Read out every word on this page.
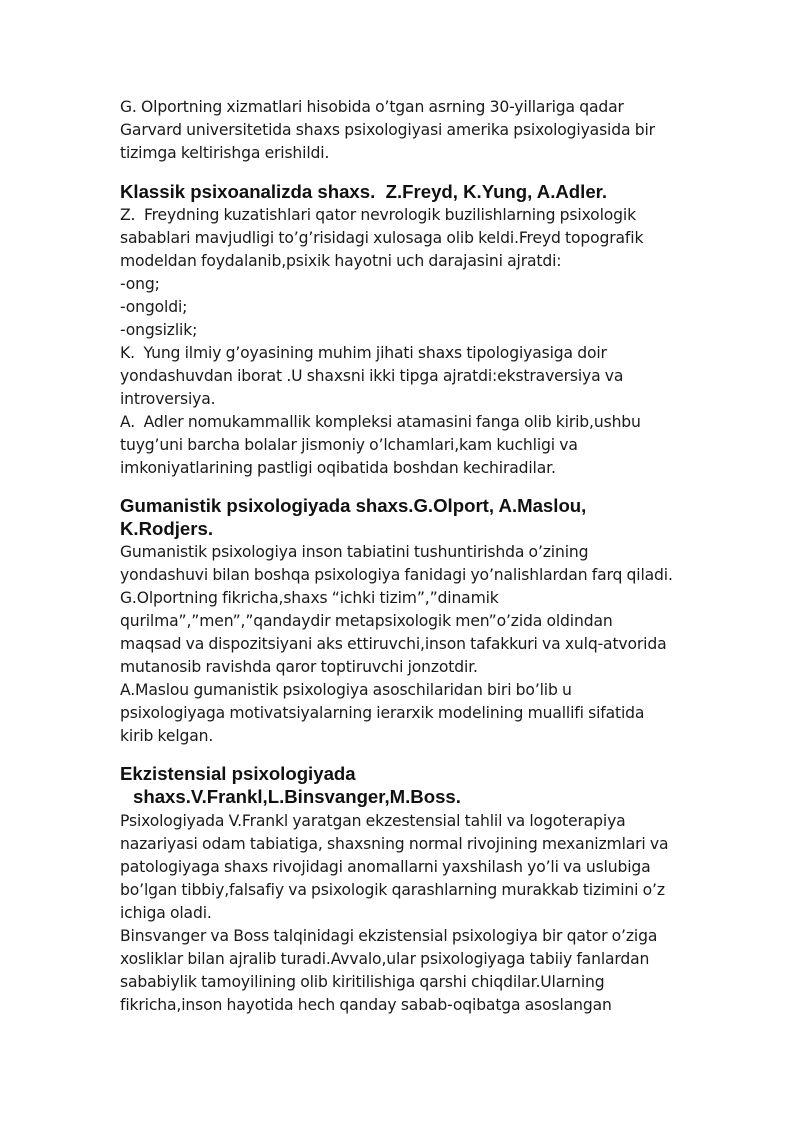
G. Olportning xizmatlari hisobida o’tgan asrning 30-yillariga qadar
Garvard universitetida shaxs psixologiyasi amerika psixologiyasida bir
tizimga keltirishga erishildi.
Klassik psixoanalizda shaxs.  Z.Freyd, K.Yung, A.Adler.
Z.  Freydning kuzatishlari qator nevrologik buzilishlarning psixologik
sabablari mavjudligi to’g’risidagi xulosaga olib keldi.Freyd topografik
modeldan foydalanib,psixik hayotni uch darajasini ajratdi:
-ong;
-ongoldi;
-ongsizlik;
K.  Yung ilmiy g’oyasining muhim jihati shaxs tipologiyasiga doir
yondashuvdan iborat .U shaxsni ikki tipga ajratdi:ekstraversiya va
introversiya.
A.  Adler nomukammallik kompleksi atamasini fanga olib kirib,ushbu
tuyg’uni barcha bolalar jismoniy o’lchamlari,kam kuchligi va
imkoniyatlarining pastligi oqibatida boshdan kechiradilar.
Gumanistik psixologiyada shaxs.G.Olport, A.Maslou,
K.Rodjers.
Gumanistik psixologiya inson tabiatini tushuntirishda o’zining
yondashuvi bilan boshqa psixologiya fanidagi yo’nalishlardan farq qiladi.
G.Olportning fikricha,shaxs “ichki tizim”,”dinamik
qurilma”,”men”,”qandaydir metapsixologik men”o’zida oldindan
maqsad va dispozitsiyani aks ettiruvchi,inson tafakkuri va xulq-atvorida
mutanosib ravishda qaror toptiruvchi jonzotdir.
A.Maslou gumanistik psixologiya asoschilaridan biri bo’lib u
psixologiyaga motivatsiyalarning ierarxik modelining muallifi sifatida
kirib kelgan.
Ekzistensial psixologiyada
shaxs.V.Frankl,L.Binsvanger,M.Boss.
Psixologiyada V.Frankl yaratgan ekzestensial tahlil va logoterapiya
nazariyasi odam tabiatiga, shaxsning normal rivojining mexanizmlari va
patologiyaga shaxs rivojidagi anomallarni yaxshilash yo’li va uslubiga
bo’lgan tibbiy,falsafiy va psixologik qarashlarning murakkab tizimini o’z
ichiga oladi.
Binsvanger va Boss talqinidagi ekzistensial psixologiya bir qator o’ziga
xosliklar bilan ajralib turadi.Avvalo,ular psixologiyaga tabiiy fanlardan
sababiylik tamoyilining olib kiritilishiga qarshi chiqdilar.Ularning
fikricha,inson hayotida hech qanday sabab-oqibatga asoslangan
